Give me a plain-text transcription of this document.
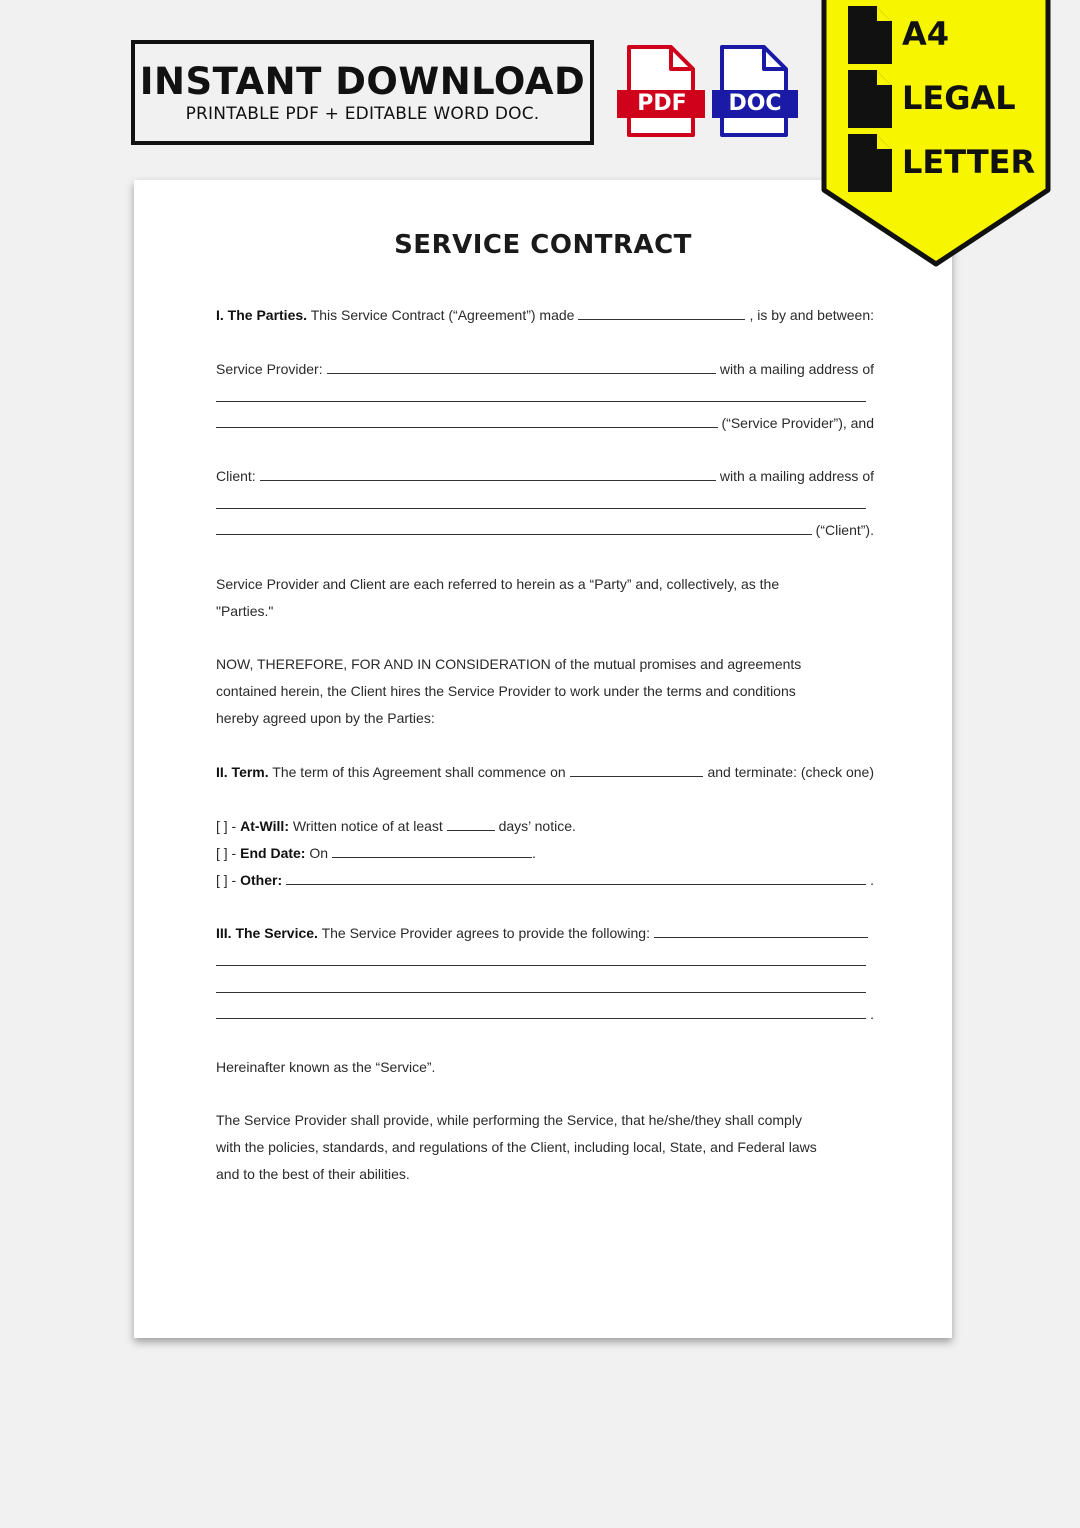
INSTANT DOWNLOAD
PRINTABLE PDF + EDITABLE WORD DOC.	PDF	DOC
SERVICE CONTRACT
I. The Parties. This Service Contract (“Agreement”) made	, is by and between:
Service Provider:	with a mailing address of
(“Service Provider”), and
Client:	with a mailing address of
(“Client”).
Service Provider and Client are each referred to herein as a “Party” and, collectively, as the
"Parties."
NOW, THEREFORE, FOR AND IN CONSIDERATION of the mutual promises and agreements
contained herein, the Client hires the Service Provider to work under the terms and conditions
hereby agreed upon by the Parties:
II. Term. The term of this Agreement shall commence on	and terminate: (check one)
[ ] - At-Will: Written notice of at least	days’ notice.
[ ] - End Date: On	.
[ ] - Other:	.
III. The Service. The Service Provider agrees to provide the following:
.
Hereinafter known as the “Service”.
The Service Provider shall provide, while performing the Service, that he/she/they shall comply
with the policies, standards, and regulations of the Client, including local, State, and Federal laws
and to the best of their abilities.
A4
LEGAL
LETTER
